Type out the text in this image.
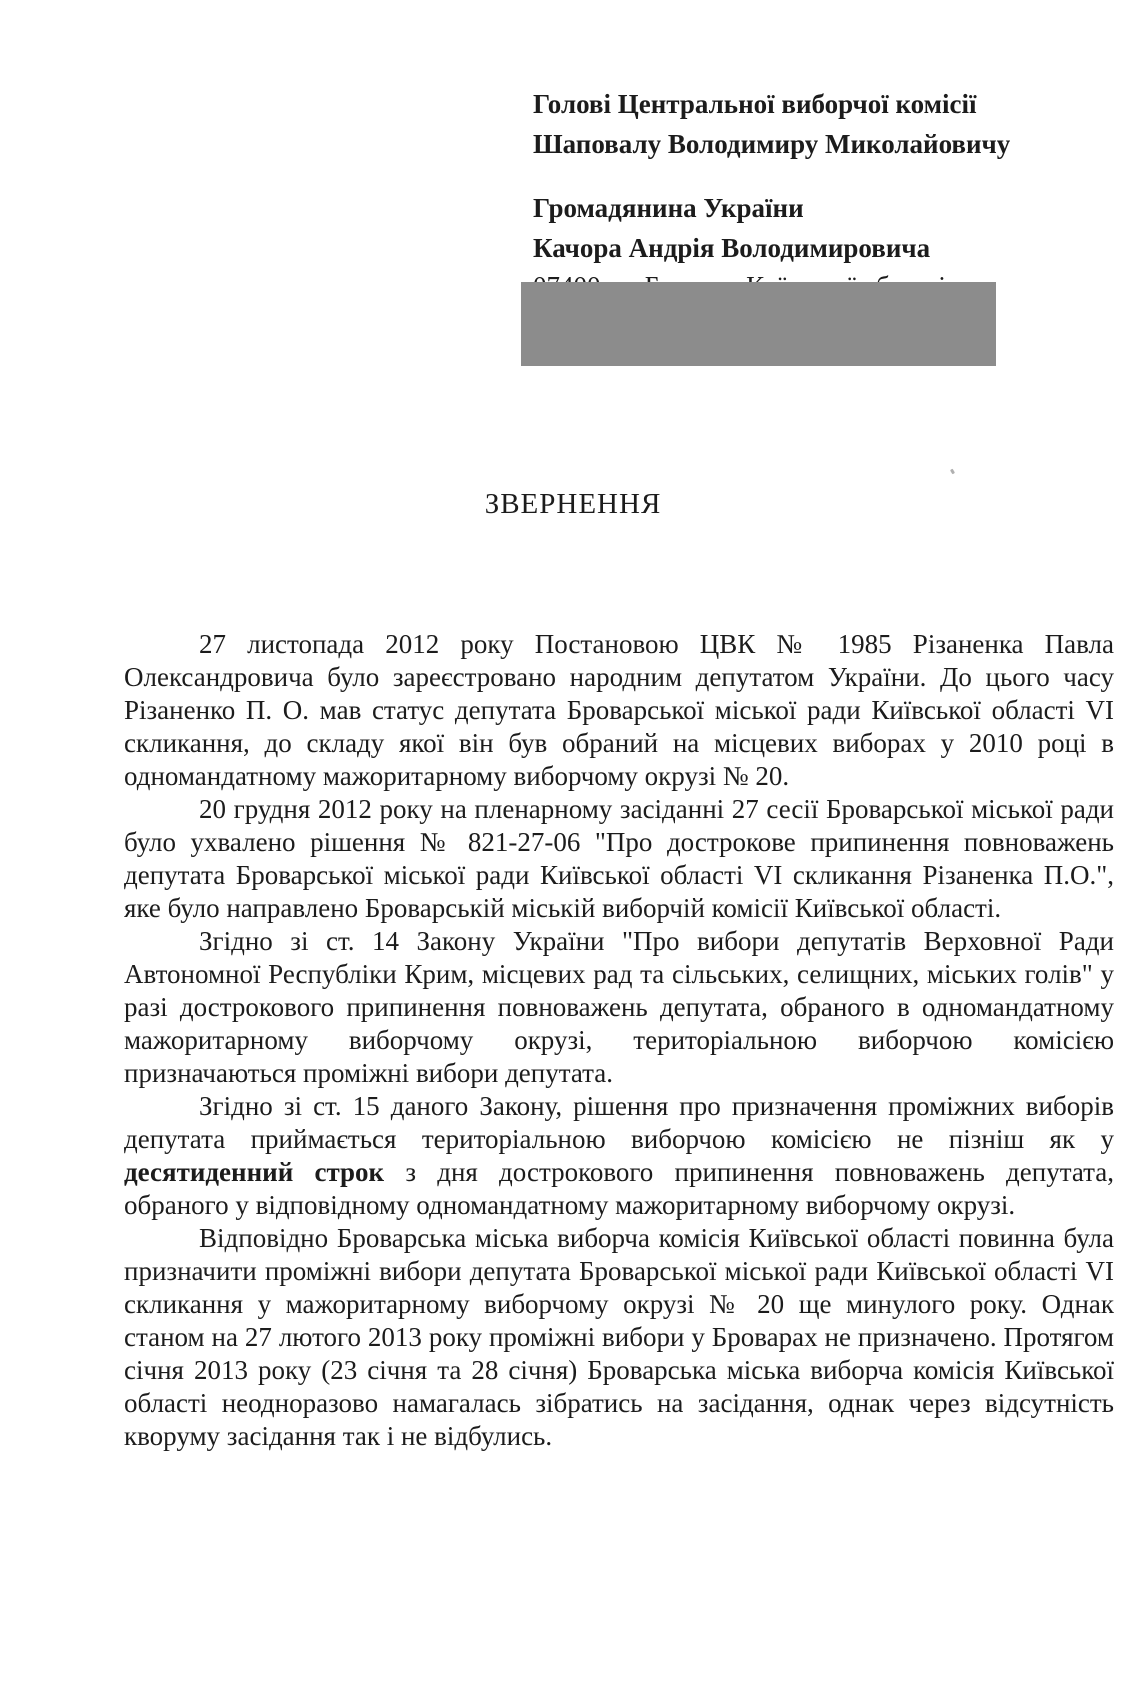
Голові Центральної виборчої комісії
Шаповалу Володимиру Миколайовичу
Громадянина України
Качора Андрія Володимировича
ЗВЕРНЕННЯ

27 листопада 2012 року Постановою ЦВК № 1985 Різаненка Павла Олександровича було зареєстровано народним депутатом України. До цього часу Різаненко П. О. мав статус депутата Броварської міської ради Київської області VI скликання, до складу якої він був обраний на місцевих виборах у 2010 році в одномандатному мажоритарному виборчому окрузі № 20.

20 грудня 2012 року на пленарному засіданні 27 сесії Броварської міської ради було ухвалено рішення № 821-27-06 "Про дострокове припинення повноважень депутата Броварської міської ради Київської області VI скликання Різаненка П.О.", яке було направлено Броварській міській виборчій комісії Київської області.

Згідно зі ст. 14 Закону України "Про вибори депутатів Верховної Ради Автономної Республіки Крим, місцевих рад та сільських, селищних, міських голів" у разі дострокового припинення повноважень депутата, обраного в одномандатному мажоритарному виборчому окрузі, територіальною виборчою комісією призначаються проміжні вибори депутата.

Згідно зі ст. 15 даного Закону, рішення про призначення проміжних виборів депутата приймається територіальною виборчою комісією не пізніш як у десятиденний строк з дня дострокового припинення повноважень депутата, обраного у відповідному одномандатному мажоритарному виборчому окрузі.

Відповідно Броварська міська виборча комісія Київської області повинна була призначити проміжні вибори депутата Броварської міської ради Київської області VI скликання у мажоритарному виборчому окрузі № 20 ще минулого року. Однак станом на 27 лютого 2013 року проміжні вибори у Броварах не призначено. Протягом січня 2013 року (23 січня та 28 січня) Броварська міська виборча комісія Київської області неодноразово намагалась зібратись на засідання, однак через відсутність кворуму засідання так і не відбулись.
